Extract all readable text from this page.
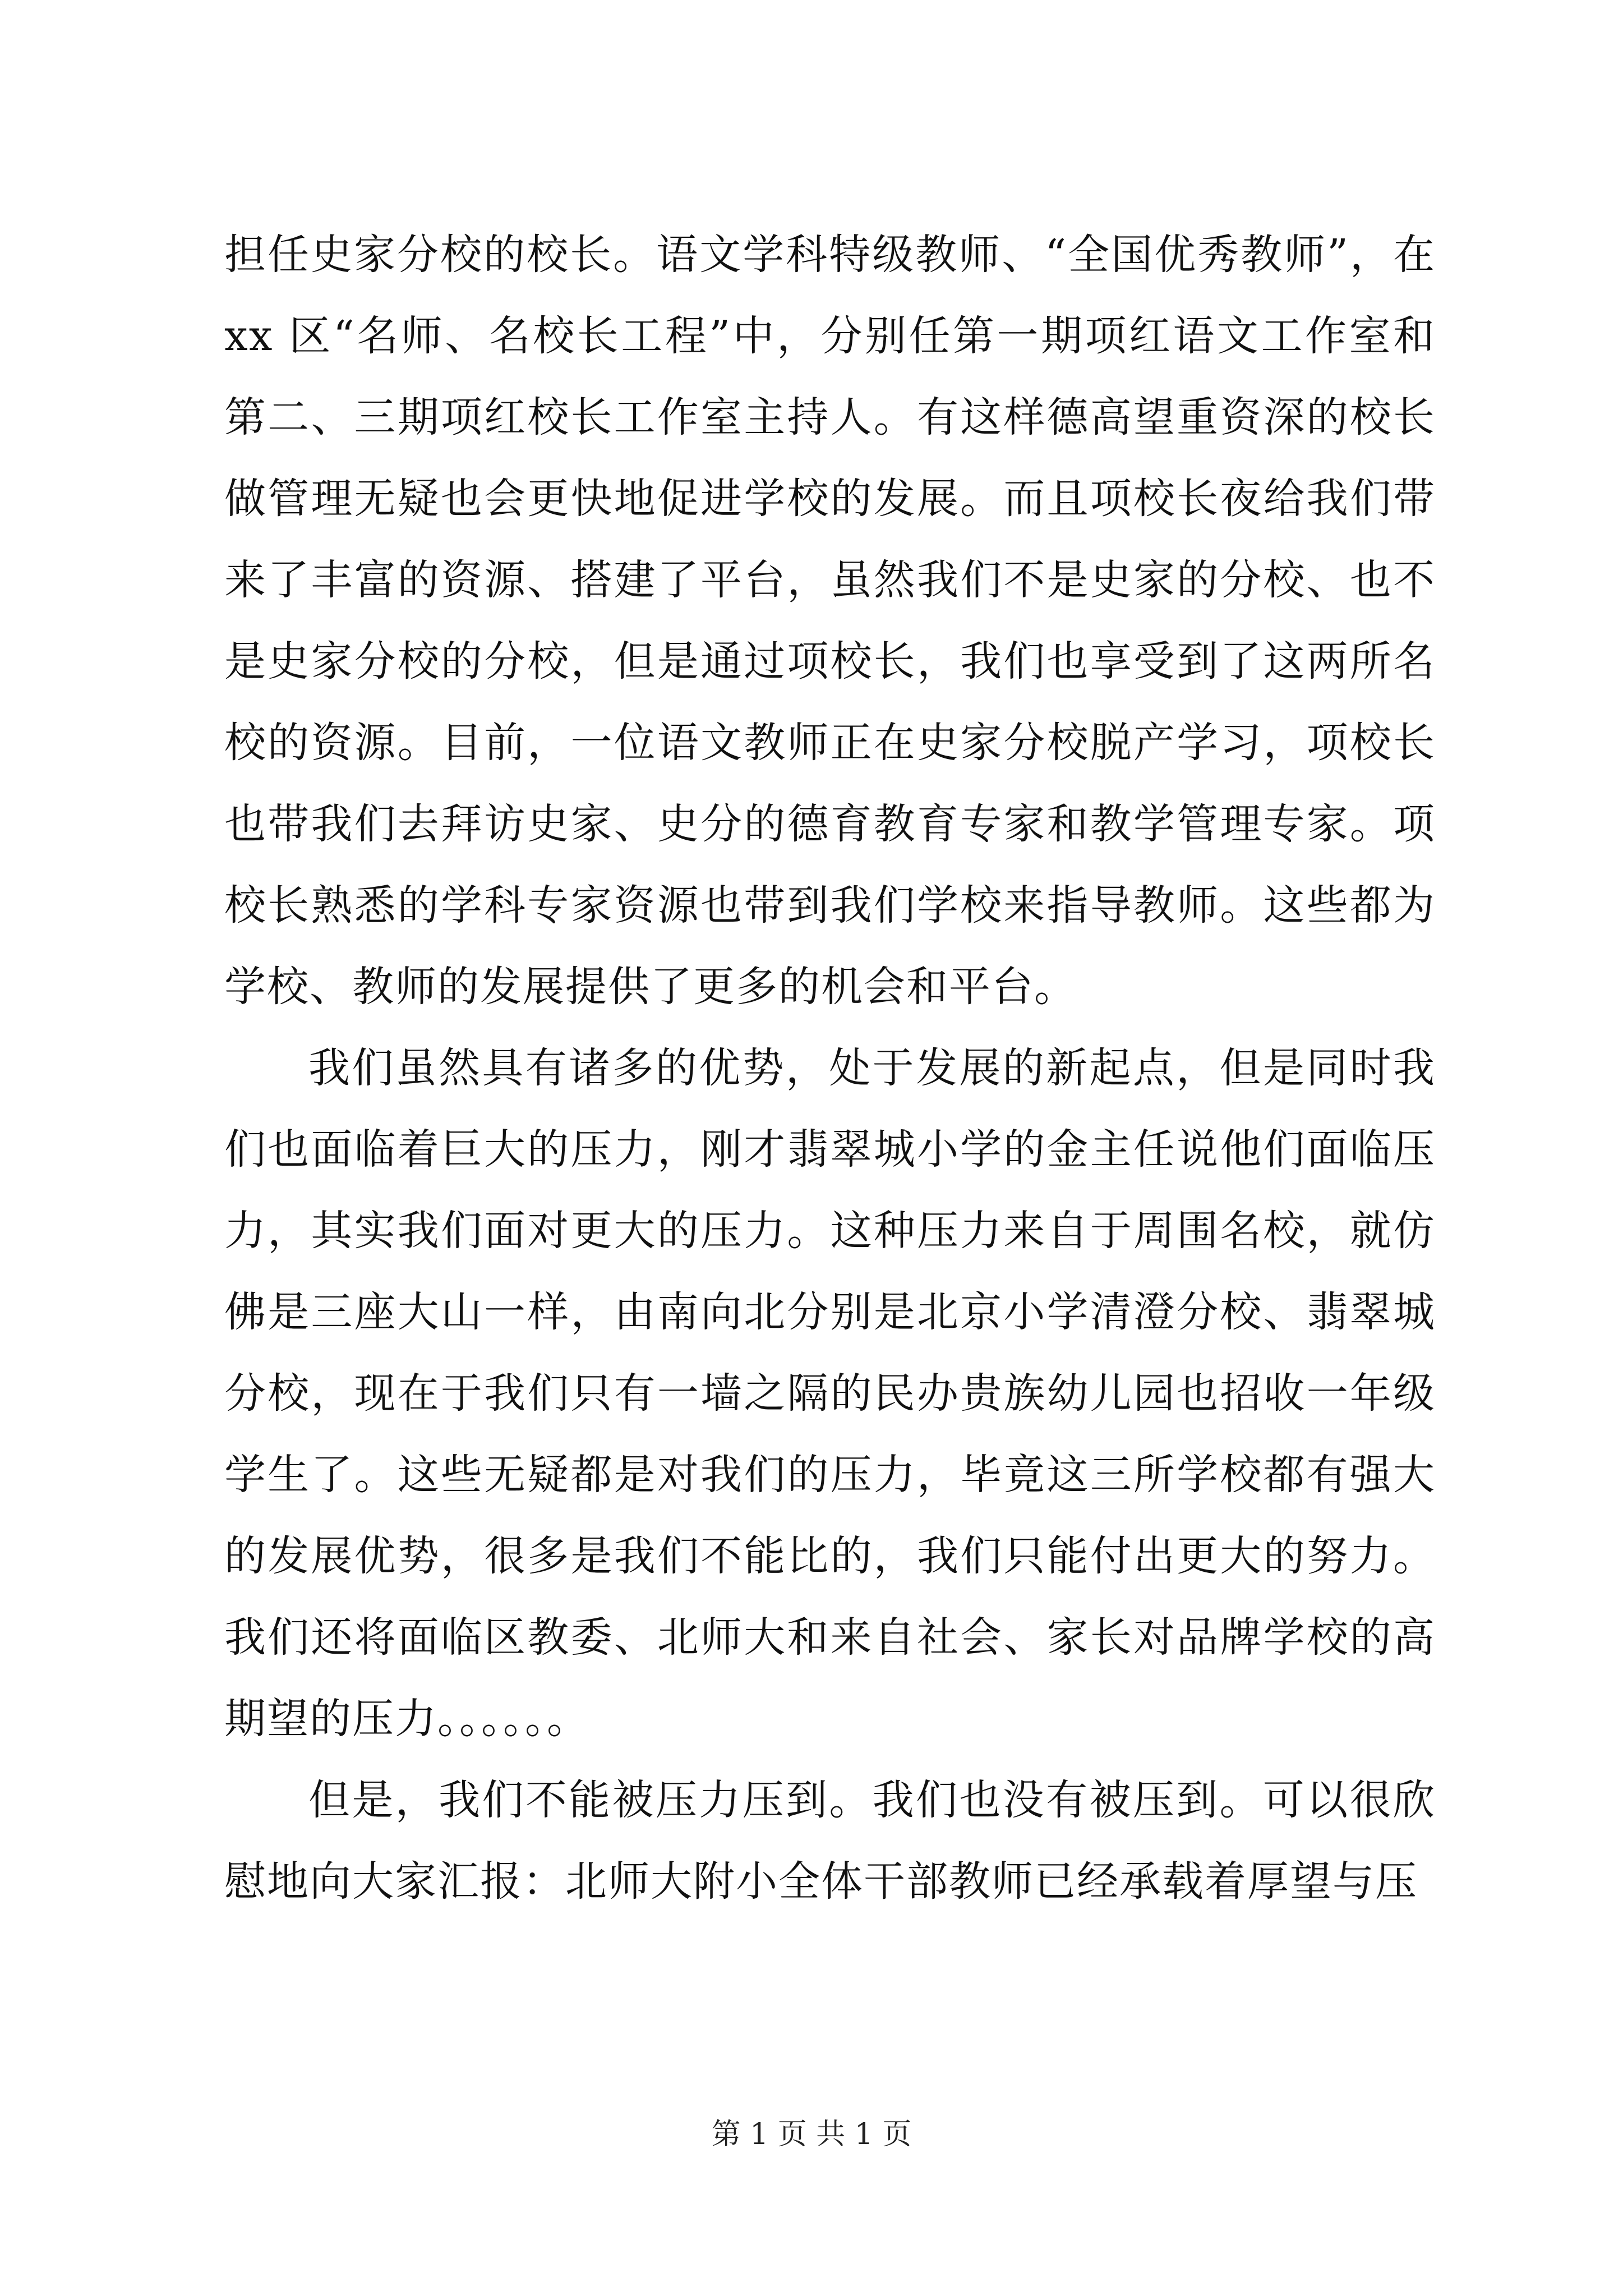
担任史家分校的校长。语文学科特级教师、“全国优秀教师”，在 xx 区“名师、名校长工程”中，分别任第一期项红语文工作室和第二、三期项红校长工作室主持人。有这样德高望重资深的校长做管理无疑也会更快地促进学校的发展。而且项校长夜给我们带来了丰富的资源、搭建了平台，虽然我们不是史家的分校、也不是史家分校的分校，但是通过项校长，我们也享受到了这两所名校的资源。目前，一位语文教师正在史家分校脱产学习，项校长也带我们去拜访史家、史分的德育教育专家和教学管理专家。项校长熟悉的学科专家资源也带到我们学校来指导教师。这些都为学校、教师的发展提供了更多的机会和平台。

我们虽然具有诸多的优势，处于发展的新起点，但是同时我们也面临着巨大的压力，刚才翡翠城小学的金主任说他们面临压力，其实我们面对更大的压力。这种压力来自于周围名校，就仿佛是三座大山一样，由南向北分别是北京小学清澄分校、翡翠城分校，现在于我们只有一墙之隔的民办贵族幼儿园也招收一年级学生了。这些无疑都是对我们的压力，毕竟这三所学校都有强大的发展优势，很多是我们不能比的，我们只能付出更大的努力。我们还将面临区教委、北师大和来自社会、家长对品牌学校的高期望的压力。。。。。。

但是，我们不能被压力压到。我们也没有被压到。可以很欣慰地向大家汇报：北师大附小全体干部教师已经承载着厚望与压

第 1 页 共 1 页
